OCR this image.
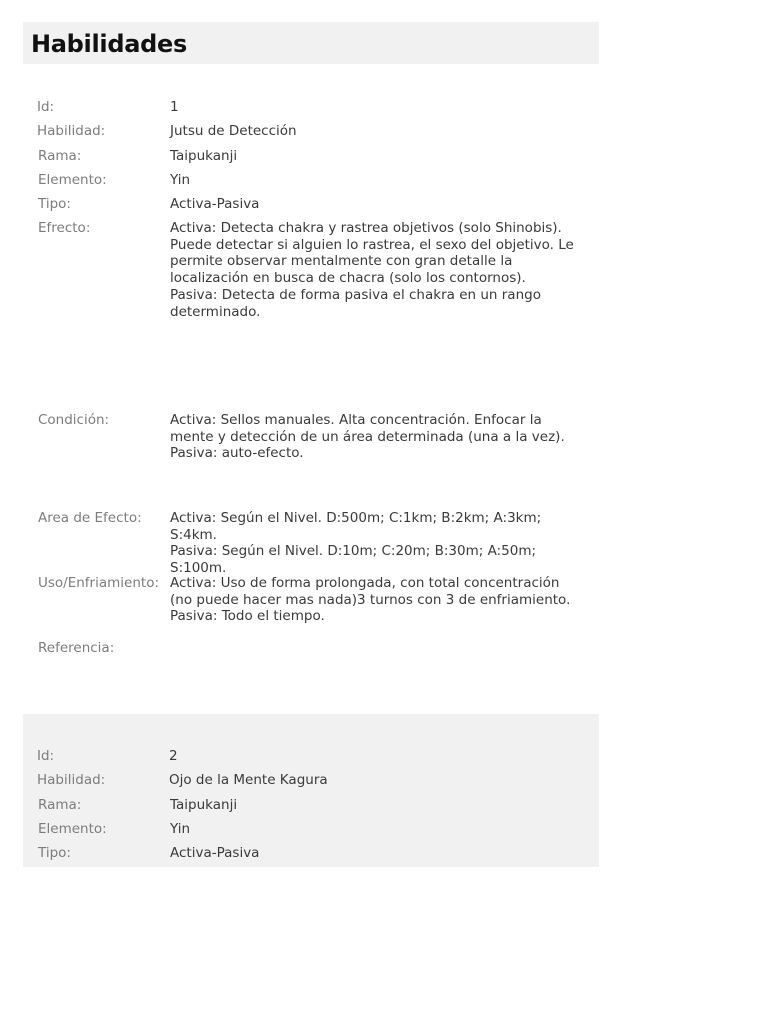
Habilidades
Id:	1
Habilidad:	Jutsu de Detección
Rama:	Taipukanji
Elemento:	Yin
Tipo:	Activa-Pasiva
Efrecto:	Activa: Detecta chakra y rastrea objetivos (solo Shinobis).
Puede detectar si alguien lo rastrea, el sexo del objetivo. Le
permite observar mentalmente con gran detalle la
localización en busca de chacra (solo los contornos).
Pasiva: Detecta de forma pasiva el chakra en un rango
determinado.
Condición:	Activa: Sellos manuales. Alta concentración. Enfocar la
mente y detección de un área determinada (una a la vez).
Pasiva: auto-efecto.
Area de Efecto: Activa: Según el Nivel. D:500m; C:1km; B:2km; A:3km; S:4km.
Pasiva: Según el Nivel. D:10m; C:20m; B:30m; A:50m; S:100m.
Uso/Enfriamiento: Activa: Uso de forma prolongada, con total concentración
(no puede hacer mas nada)3 turnos con 3 de enfriamiento.
Pasiva: Todo el tiempo.
Referencia:
Id:	2
Habilidad:	Ojo de la Mente Kagura
Rama:	Taipukanji
Elemento:	Yin
Tipo:	Activa-Pasiva
